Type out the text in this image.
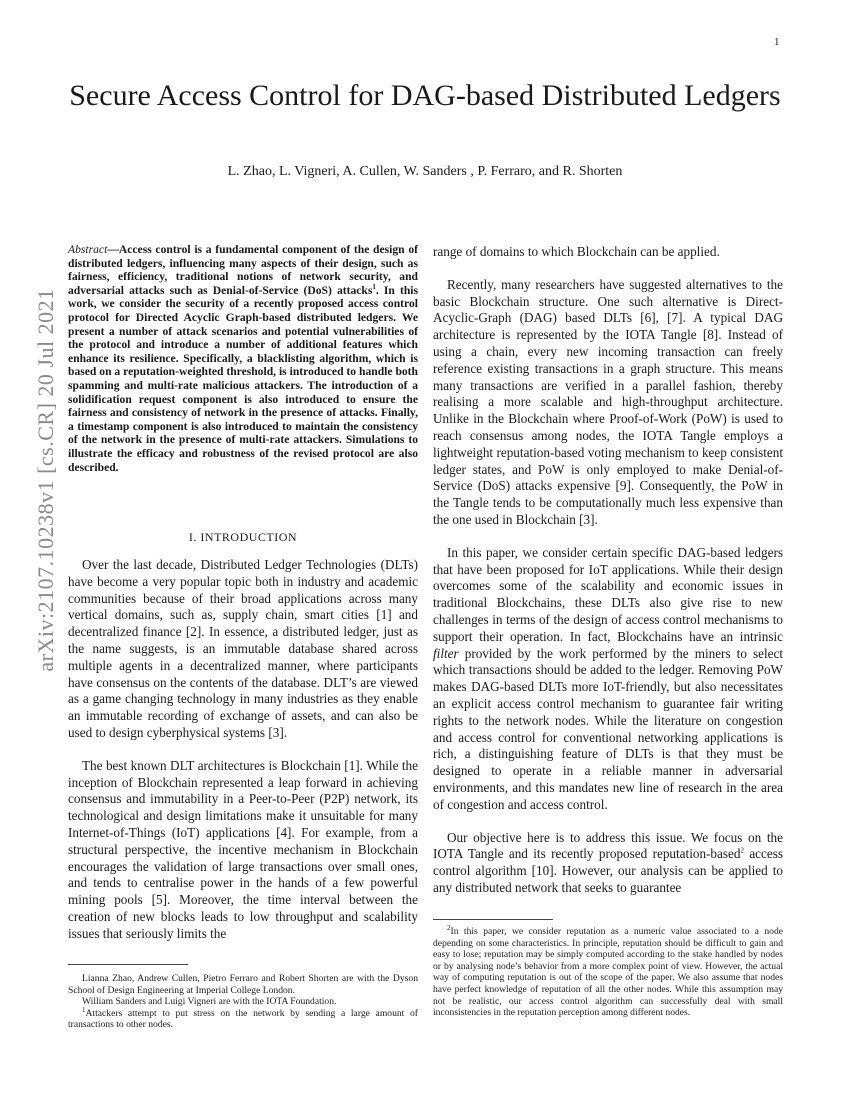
1
arXiv:2107.10238v1 [cs.CR] 20 Jul 2021
Secure Access Control for DAG-based Distributed Ledgers
L. Zhao, L. Vigneri, A. Cullen, W. Sanders , P. Ferraro, and R. Shorten
Abstract—Access control is a fundamental component of the design of distributed ledgers, influencing many aspects of their design, such as fairness, efficiency, traditional notions of network security, and adversarial attacks such as Denial-of-Service (DoS) attacks$^1$. In this work, we consider the security of a recently proposed access control protocol for Directed Acyclic Graph-based distributed ledgers. We present a number of attack scenarios and potential vulnerabilities of the protocol and introduce a number of additional features which enhance its resilience. Specifically, a blacklisting algorithm, which is based on a reputation-weighted threshold, is introduced to handle both spamming and multi-rate malicious attackers. The introduction of a solidification request component is also introduced to ensure the fairness and consistency of network in the presence of attacks. Finally, a timestamp component is also introduced to maintain the consistency of the network in the presence of multi-rate attackers. Simulations to illustrate the efficacy and robustness of the revised protocol are also described.
I. INTRODUCTION

Over the last decade, Distributed Ledger Technologies (DLTs) have become a very popular topic both in industry and academic communities because of their broad applications across many vertical domains, such as, supply chain, smart cities [1] and decentralized finance [2]. In essence, a distributed ledger, just as the name suggests, is an immutable database shared across multiple agents in a decentralized manner, where participants have consensus on the contents of the database. DLT’s are viewed as a game changing technology in many industries as they enable an immutable recording of exchange of assets, and can also be used to design cyberphysical systems [3].

The best known DLT architectures is Blockchain [1]. While the inception of Blockchain represented a leap forward in achieving consensus and immutability in a Peer-to-Peer (P2P) network, its technological and design limitations make it unsuitable for many Internet-of-Things (IoT) applications [4]. For example, from a structural perspective, the incentive mechanism in Blockchain encourages the validation of large transactions over small ones, and tends to centralise power in the hands of a few powerful mining pools [5]. Moreover, the time interval between the creation of new blocks leads to low throughput and scalability issues that seriously limits the

Lianna Zhao, Andrew Cullen, Pietro Ferraro and Robert Shorten are with the Dyson School of Design Engineering at Imperial College London.

William Sanders and Luigi Vigneri are with the IOTA Foundation.

$^1$Attackers attempt to put stress on the network by sending a large amount of transactions to other nodes.

range of domains to which Blockchain can be applied.

Recently, many researchers have suggested alternatives to the basic Blockchain structure. One such alternative is Direct-Acyclic-Graph (DAG) based DLTs [6], [7]. A typical DAG architecture is represented by the IOTA Tangle [8]. Instead of using a chain, every new incoming transaction can freely reference existing transactions in a graph structure. This means many transactions are verified in a parallel fashion, thereby realising a more scalable and high-throughput architecture. Unlike in the Blockchain where Proof-of-Work (PoW) is used to reach consensus among nodes, the IOTA Tangle employs a lightweight reputation-based voting mechanism to keep consistent ledger states, and PoW is only employed to make Denial-of-Service (DoS) attacks expensive [9]. Consequently, the PoW in the Tangle tends to be computationally much less expensive than the one used in Blockchain [3].

In this paper, we consider certain specific DAG-based ledgers that have been proposed for IoT applications. While their design overcomes some of the scalability and economic issues in traditional Blockchains, these DLTs also give rise to new challenges in terms of the design of access control mechanisms to support their operation. In fact, Blockchains have an intrinsic filter provided by the work performed by the miners to select which transactions should be added to the ledger. Removing PoW makes DAG-based DLTs more IoT-friendly, but also necessitates an explicit access control mechanism to guarantee fair writing rights to the network nodes. While the literature on congestion and access control for conventional networking applications is rich, a distinguishing feature of DLTs is that they must be designed to operate in a reliable manner in adversarial environments, and this mandates new line of research in the area of congestion and access control.

Our objective here is to address this issue. We focus on the IOTA Tangle and its recently proposed reputation-based$^2$ access control algorithm [10]. However, our analysis can be applied to any distributed network that seeks to guarantee

$^2$In this paper, we consider reputation as a numeric value associated to a node depending on some characteristics. In principle, reputation should be difficult to gain and easy to lose; reputation may be simply computed according to the stake handled by nodes or by analysing node’s behavior from a more complex point of view. However, the actual way of computing reputation is out of the scope of the paper. We also assume that nodes have perfect knowledge of reputation of all the other nodes. While this assumption may not be realistic, our access control algorithm can successfully deal with small inconsistencies in the reputation perception among different nodes.
